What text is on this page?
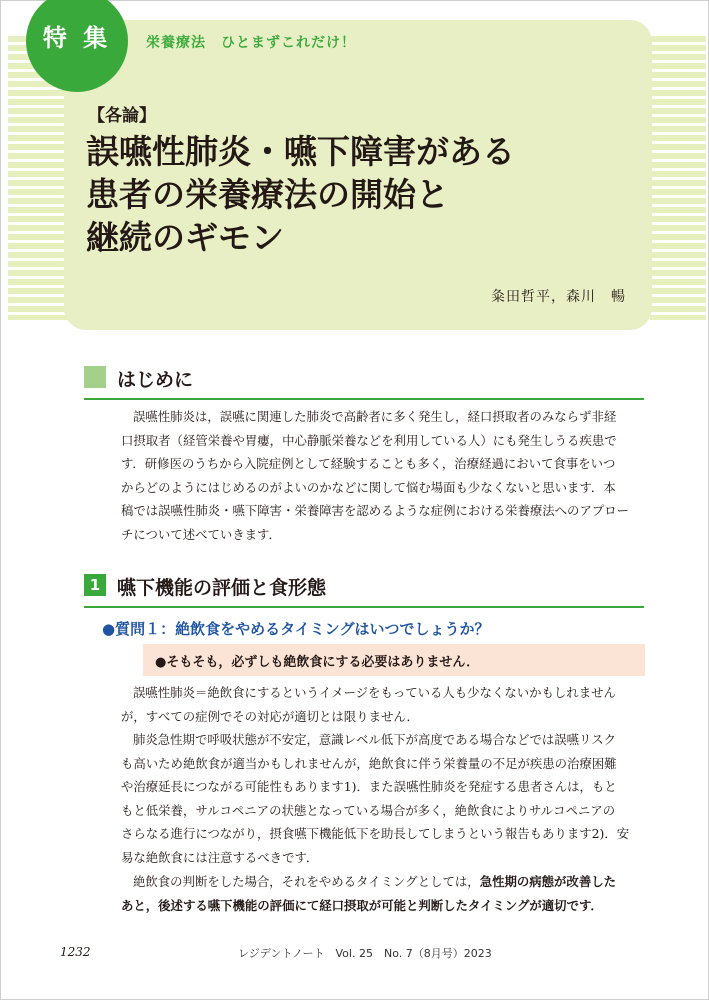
特 集	栄養療法　ひとまずこれだけ！
【各論】
誤嚥性肺炎・嚥下障害がある
患者の栄養療法の開始と
継続のギモン
粂田哲平，森川　暢
はじめに
誤嚥性肺炎は，誤嚥に関連した肺炎で高齢者に多く発生し，経口摂取者のみならず非経
口摂取者（経管栄養や胃瘻，中心静脈栄養などを利用している人）にも発生しうる疾患で
す．研修医のうちから入院症例として経験することも多く，治療経過において食事をいつ
からどのようにはじめるのがよいのかなどに関して悩む場面も少なくないと思います．本
稿では誤嚥性肺炎・嚥下障害・栄養障害を認めるような症例における栄養療法へのアプロー
チについて述べていきます．
1 嚥下機能の評価と食形態
●質問１：絶飲食をやめるタイミングはいつでしょうか？
●そもそも，必ずしも絶飲食にする必要はありません．
誤嚥性肺炎＝絶飲食にするというイメージをもっている人も少なくないかもしれません
が，すべての症例でその対応が適切とは限りません．
肺炎急性期で呼吸状態が不安定，意識レベル低下が高度である場合などでは誤嚥リスク
も高いため絶飲食が適当かもしれませんが，絶飲食に伴う栄養量の不足が疾患の治療困難
や治療延長につながる可能性もあります1)．また誤嚥性肺炎を発症する患者さんは，もと
もと低栄養，サルコペニアの状態となっている場合が多く，絶飲食によりサルコペニアの
さらなる進行につながり，摂食嚥下機能低下を助長してしまうという報告もあります2)．安
易な絶飲食には注意するべきです．
絶飲食の判断をした場合，それをやめるタイミングとしては，急性期の病態が改善した
あと，後述する嚥下機能の評価にて経口摂取が可能と判断したタイミングが適切です．
1232	レジデントノート　Vol. 25　No. 7（8月号）2023
